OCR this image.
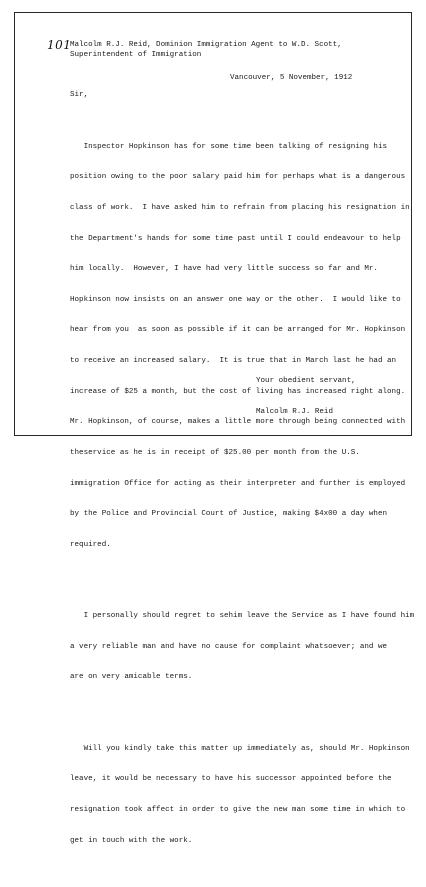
101
Malcolm R.J. Reid, Dominion Immigration Agent to W.D. Scott,
Superintendent of Immigration
Vancouver, 5 November, 1912
Sir,

Inspector Hopkinson has for some time been talking of resigning his

position owing to the poor salary paid him for perhaps what is a dangerous

class of work.  I have asked him to refrain from placing his resignation in

the Department's hands for some time past until I could endeavour to help

him locally.  However, I have had very little success so far and Mr.

Hopkinson now insists on an answer one way or the other.  I would like to

hear from you  as soon as possible if it can be arranged for Mr. Hopkinson

to receive an increased salary.  It is true that in March last he had an

increase of $25 a month, but the cost of living has increased right along.

Mr. Hopkinson, of course, makes a little more through being connected with

theservice as he is in receipt of $25.00 per month from the U.S.

immigration Office for acting as their interpreter and further is employed

by the Police and Provincial Court of Justice, making $4x00 a day when

required.

I personally should regret to sehim leave the Service as I have found him

a very reliable man and have no cause for complaint whatsoever; and we

are on very amicable terms.

Will you kindly take this matter up immediately as, should Mr. Hopkinson

leave, it would be necessary to have his successor appointed before the

resignation took affect in order to give the new man some time in which to

get in touch with the work.

Your obedient servant,

Malcolm R.J. Reid
